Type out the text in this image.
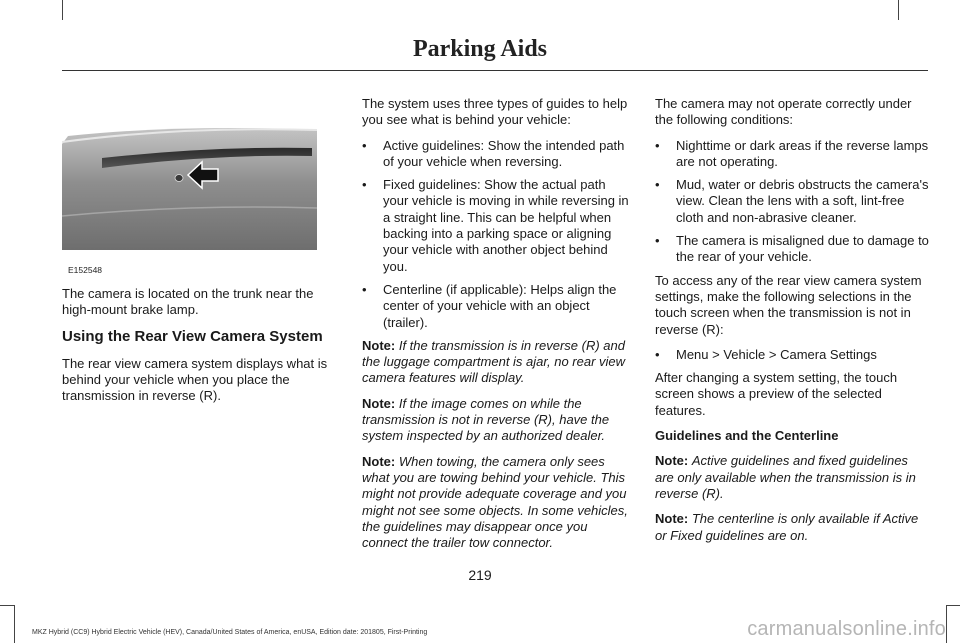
Parking Aids
E152548

The camera is located on the trunk near the high-mount brake lamp.

Using the Rear View Camera System

The rear view camera system displays what is behind your vehicle when you place the transmission in reverse (R).

The system uses three types of guides to help you see what is behind your vehicle:

• Active guidelines: Show the intended path of your vehicle when reversing.
• Fixed guidelines: Show the actual path your vehicle is moving in while reversing in a straight line. This can be helpful when backing into a parking space or aligning your vehicle with another object behind you.
• Centerline (if applicable): Helps align the center of your vehicle with an object (trailer).

Note: If the transmission is in reverse (R) and the luggage compartment is ajar, no rear view camera features will display.

Note: If the image comes on while the transmission is not in reverse (R), have the system inspected by an authorized dealer.

Note: When towing, the camera only sees what you are towing behind your vehicle. This might not provide adequate coverage and you might not see some objects. In some vehicles, the guidelines may disappear once you connect the trailer tow connector.

The camera may not operate correctly under the following conditions:

• Nighttime or dark areas if the reverse lamps are not operating.
• Mud, water or debris obstructs the camera's view. Clean the lens with a soft, lint-free cloth and non-abrasive cleaner.
• The camera is misaligned due to damage to the rear of your vehicle.

To access any of the rear view camera system settings, make the following selections in the touch screen when the transmission is not in reverse (R):

• Menu > Vehicle > Camera Settings

After changing a system setting, the touch screen shows a preview of the selected features.

Guidelines and the Centerline

Note: Active guidelines and fixed guidelines are only available when the transmission is in reverse (R).

Note: The centerline is only available if Active or Fixed guidelines are on.

219
MKZ Hybrid (CC9) Hybrid Electric Vehicle (HEV), Canada/United States of America, enUSA, Edition date: 201805, First-Printing	carmanualsonline.info
